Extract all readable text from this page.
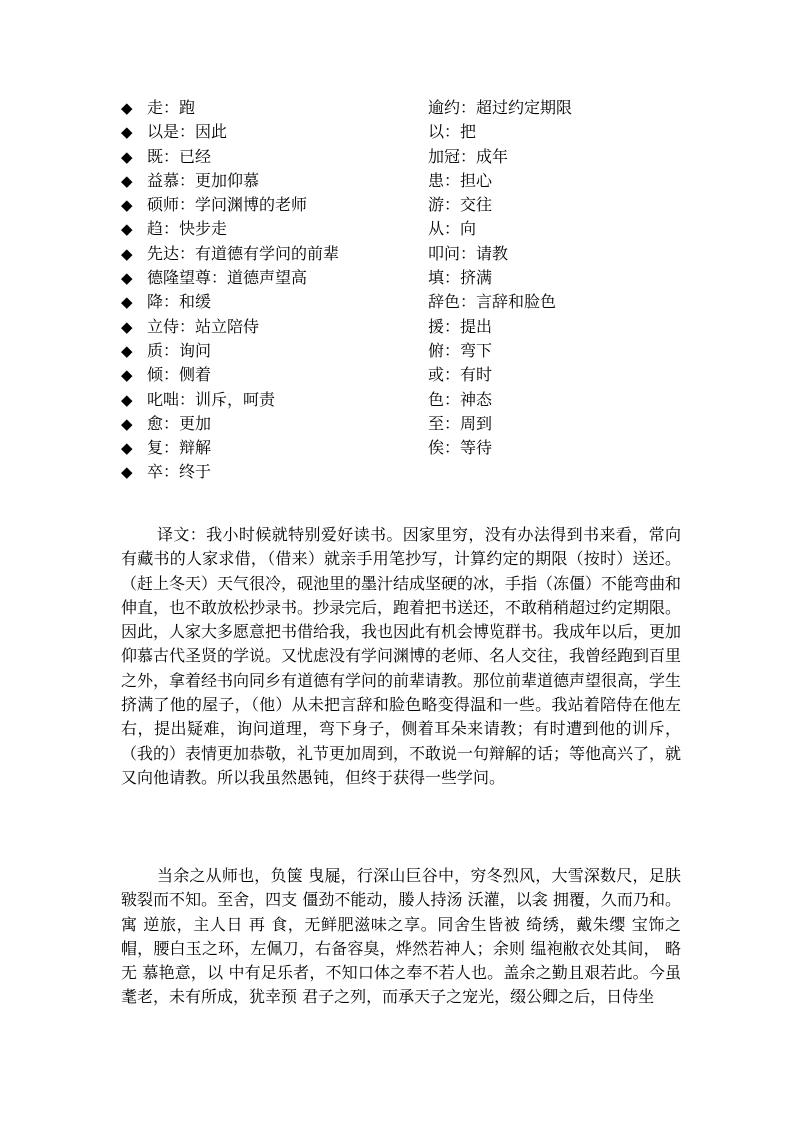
◆ 走：跑	逾约：超过约定期限
◆ 以是：因此	以：把
◆ 既：已经	加冠：成年
◆ 益慕：更加仰慕	患：担心
◆ 硕师：学问渊博的老师	游：交往
◆ 趋：快步走	从：向
◆ 先达：有道德有学问的前辈	叩问：请教
◆ 德隆望尊：道德声望高	填：挤满
◆ 降：和缓	辞色：言辞和脸色
◆ 立侍：站立陪侍	援：提出
◆ 质：询问	俯：弯下
◆ 倾：侧着	或：有时
◆ 叱咄：训斥，呵责	色：神态
◆ 愈：更加	至：周到
◆ 复：辩解	俟：等待
◆ 卒：终于

译文：我小时候就特别爱好读书。因家里穷，没有办法得到书来看，常向有藏书的人家求借，（借来）就亲手用笔抄写，计算约定的期限（按时）送还。（赶上冬天）天气很冷，砚池里的墨汁结成坚硬的冰，手指（冻僵）不能弯曲和伸直，也不敢放松抄录书。抄录完后，跑着把书送还，不敢稍稍超过约定期限。因此，人家大多愿意把书借给我，我也因此有机会博览群书。我成年以后，更加仰慕古代圣贤的学说。又忧虑没有学问渊博的老师、名人交往，我曾经跑到百里之外，拿着经书向同乡有道德有学问的前辈请教。那位前辈道德声望很高，学生挤满了他的屋子，（他）从未把言辞和脸色略变得温和一些。我站着陪侍在他左右，提出疑难，询问道理，弯下身子，侧着耳朵来请教；有时遭到他的训斥，（我的）表情更加恭敬，礼节更加周到，不敢说一句辩解的话；等他高兴了，就又向他请教。所以我虽然愚钝，但终于获得一些学问。

当余之从师也，负箧 曳屣，行深山巨谷中，穷冬烈风，大雪深数尺，足肤皲裂而不知。至舍，四支 僵劲不能动，媵人持汤 沃灌，以衾 拥覆，久而乃和。寓 逆旅，主人日 再 食，无鲜肥滋味之享。同舍生皆被 绮绣，戴朱缨 宝饰之帽，腰白玉之环，左佩刀，右备容臭，烨然若神人；余则 缊袍敝衣处其间， 略无 慕艳意，以 中有足乐者，不知口体之奉不若人也。盖余之勤且艰若此。今虽耄老，未有所成，犹幸预 君子之列，而承天子之宠光，缀公卿之后，日侍坐
